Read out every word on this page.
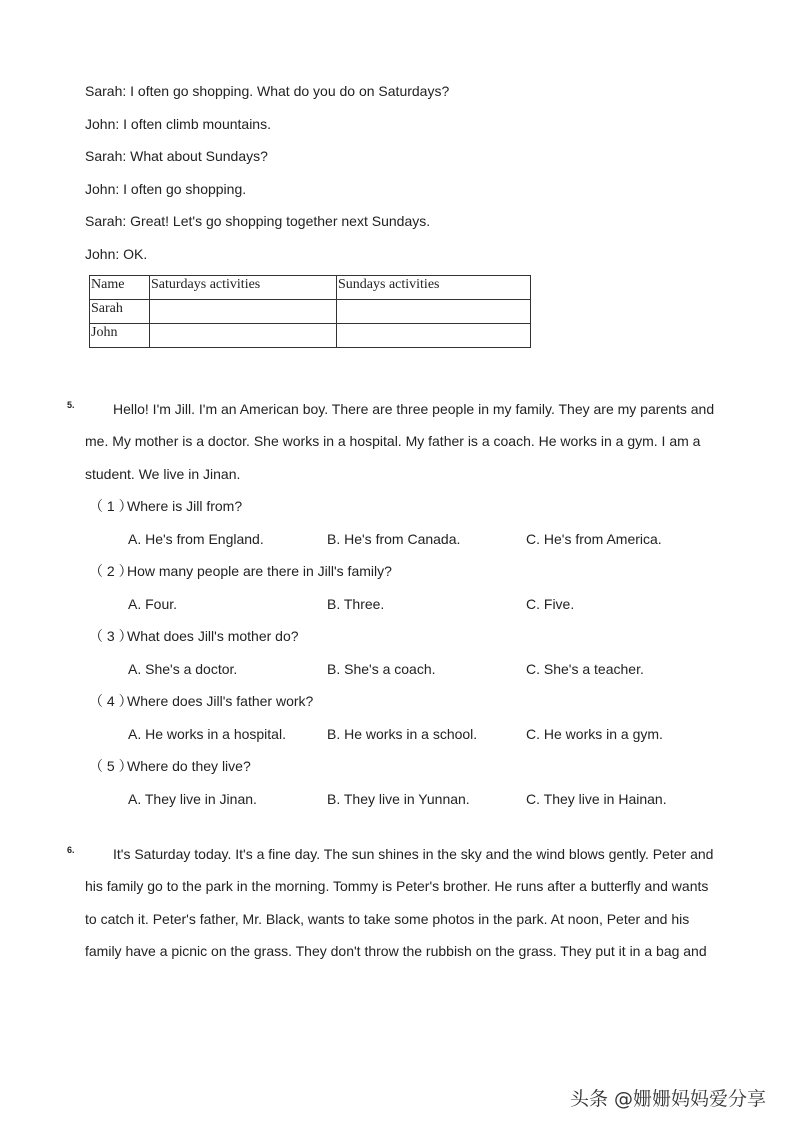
Sarah: I often go shopping. What do you do on Saturdays?
John: I often climb mountains.
Sarah: What about Sundays?
John: I often go shopping.
Sarah: Great! Let's go shopping together next Sundays.
John: OK.
Name	Saturdays activities	Sundays activities
Sarah		
John		
5.	Hello! I'm Jill. I'm an American boy. There are three people in my family. They are my parents and
me. My mother is a doctor. She works in a hospital. My father is a coach. He works in a gym. I am a
student. We live in Jinan.
（ 1 ）Where is Jill from?
A. He's from England.	B. He's from Canada.	C. He's from America.
（ 2 ）How many people are there in Jill's family?
A. Four.	B. Three.	C. Five.
（ 3 ）What does Jill's mother do?
A. She's a doctor.	B. She's a coach.	C. She's a teacher.
（ 4 ）Where does Jill's father work?
A. He works in a hospital.	B. He works in a school.	C. He works in a gym.
（ 5 ）Where do they live?
A. They live in Jinan.	B. They live in Yunnan.	C. They live in Hainan.
6.	It's Saturday today. It's a fine day. The sun shines in the sky and the wind blows gently. Peter and
his family go to the park in the morning. Tommy is Peter's brother. He runs after a butterfly and wants
to catch it. Peter's father, Mr. Black, wants to take some photos in the park. At noon, Peter and his
family have a picnic on the grass. They don't throw the rubbish on the grass. They put it in a bag and
头条 @姗姗妈妈爱分享
